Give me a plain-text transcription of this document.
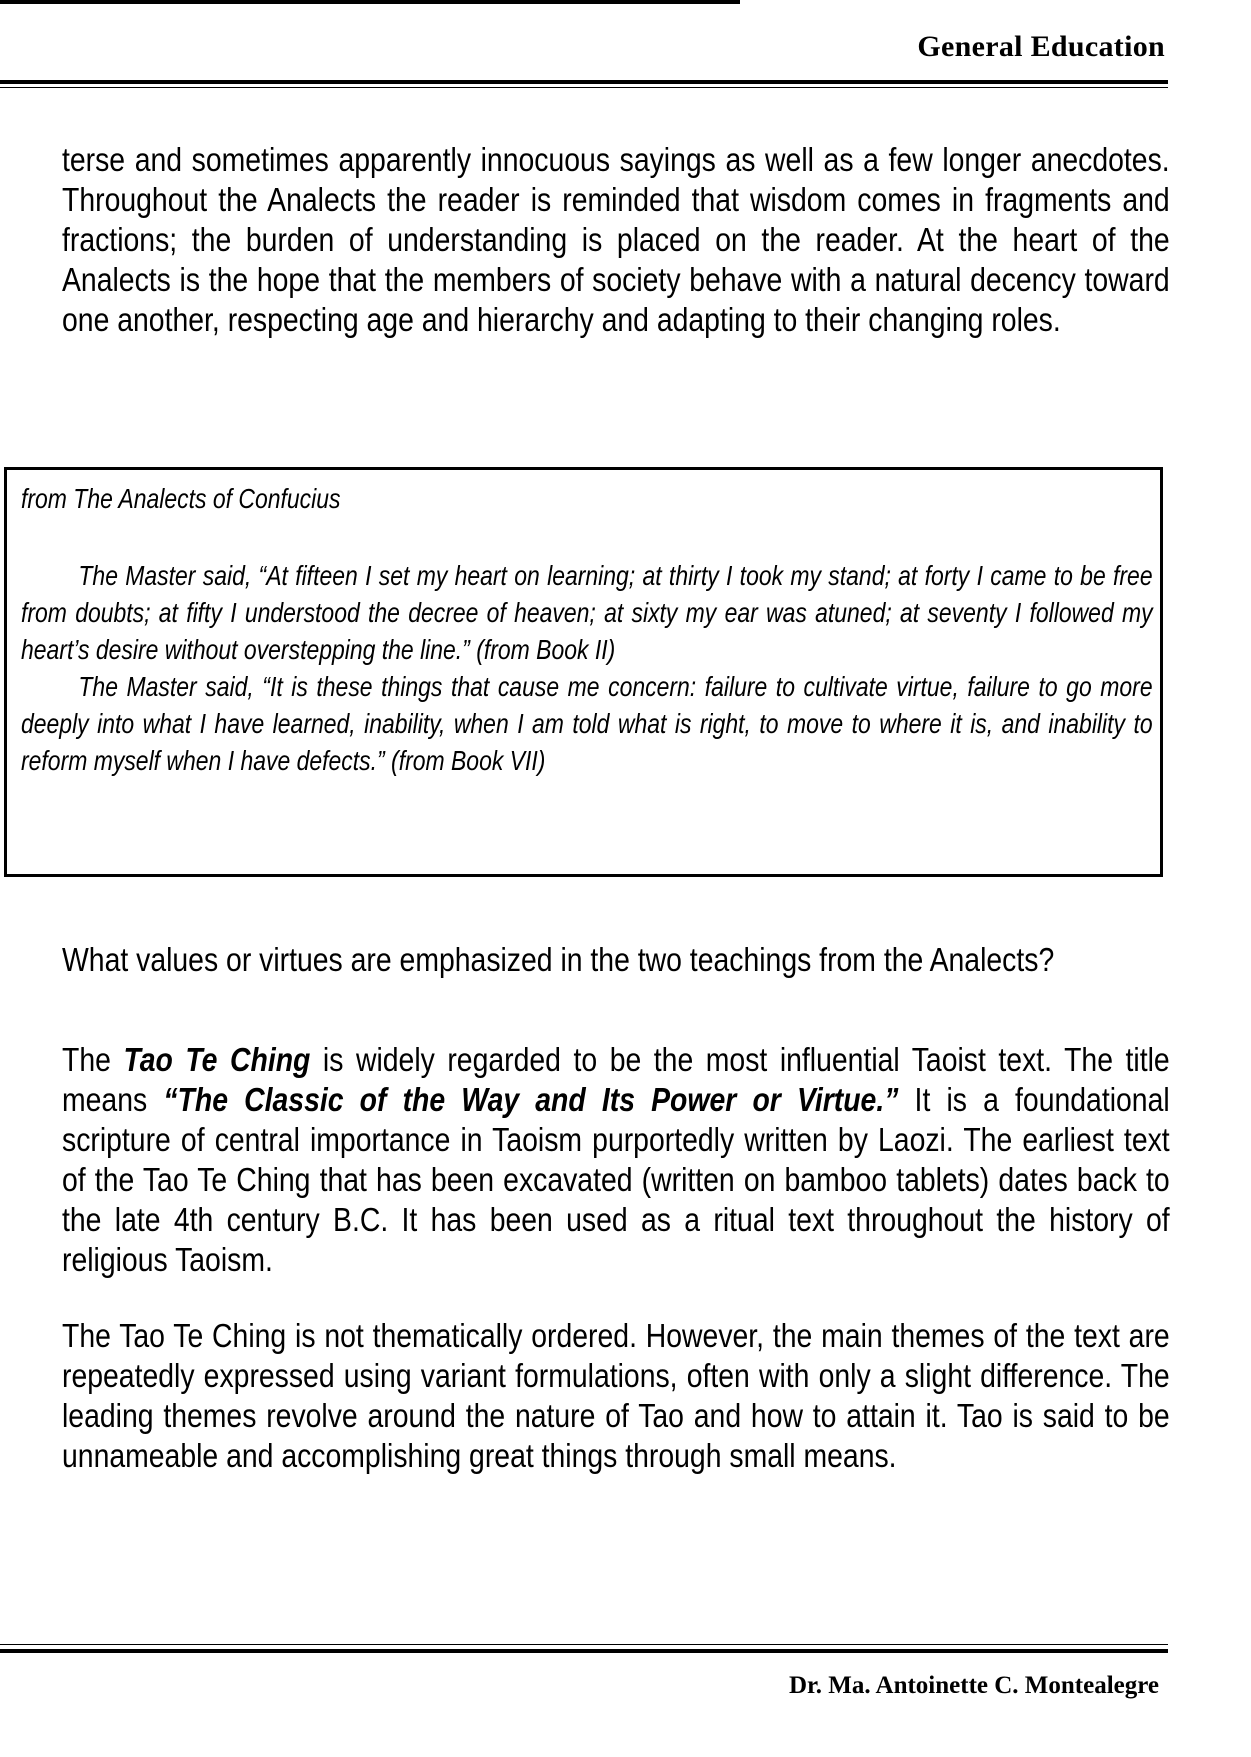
General Education
terse and sometimes apparently innocuous sayings as well as a few longer anecdotes. Throughout the Analects the reader is reminded that wisdom comes in fragments and fractions; the burden of understanding is placed on the reader. At the heart of the Analects is the hope that the members of society behave with a natural decency toward one another, respecting age and hierarchy and adapting to their changing roles.
from The Analects of Confucius
The Master said, “At fifteen I set my heart on learning; at thirty I took my stand; at forty I came to be free from doubts; at fifty I understood the decree of heaven; at sixty my ear was atuned; at seventy I followed my heart’s desire without overstepping the line.” (from Book II)
The Master said, “It is these things that cause me concern: failure to cultivate virtue, failure to go more deeply into what I have learned, inability, when I am told what is right, to move to where it is, and inability to reform myself when I have defects.” (from Book VII)
What values or virtues are emphasized in the two teachings from the Analects?
The Tao Te Ching is widely regarded to be the most influential Taoist text. The title means “The Classic of the Way and Its Power or Virtue.” It is a foundational scripture of central importance in Taoism purportedly written by Laozi. The earliest text of the Tao Te Ching that has been excavated (written on bamboo tablets) dates back to the late 4th century B.C. It has been used as a ritual text throughout the history of religious Taoism.
The Tao Te Ching is not thematically ordered. However, the main themes of the text are repeatedly expressed using variant formulations, often with only a slight difference. The leading themes revolve around the nature of Tao and how to attain it. Tao is said to be unnameable and accomplishing great things through small means.
Dr. Ma. Antoinette C. Montealegre
